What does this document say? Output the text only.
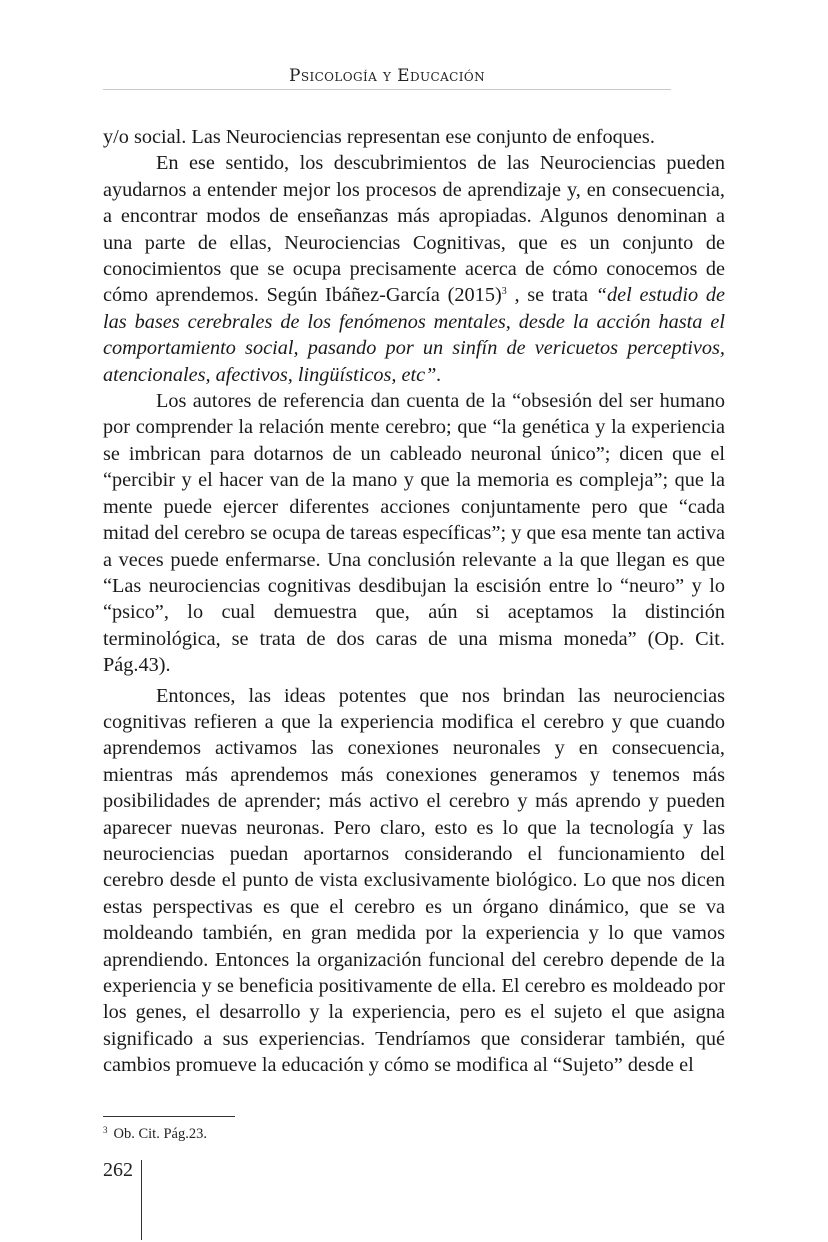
Psicología y Educación

y/o social. Las Neurociencias representan ese conjunto de enfoques.

En ese sentido, los descubrimientos de las Neurociencias pueden ayudarnos a entender mejor los procesos de aprendizaje y, en consecuencia, a encontrar modos de enseñanzas más apropiadas. Algunos denominan a una parte de ellas, Neurociencias Cognitivas, que es un conjunto de conocimientos que se ocupa precisamente acerca de cómo conocemos de cómo aprendemos. Según Ibáñez-García $(2015)^3$ , se trata “del estudio de las bases cerebrales de los fenómenos mentales, desde la acción hasta el comportamiento social, pasando por un sinfín de vericuetos perceptivos, atencionales, afectivos, lingüísticos, etc”.

Los autores de referencia dan cuenta de la “obsesión del ser humano por comprender la relación mente cerebro; que “la genética y la experiencia se imbrican para dotarnos de un cableado neuronal único”; dicen que el “percibir y el hacer van de la mano y que la memoria es compleja”; que la mente puede ejercer diferentes acciones conjuntamente pero que “cada mitad del cerebro se ocupa de tareas específicas”; y que esa mente tan activa a veces puede enfermarse. Una conclusión relevante a la que llegan es que “Las neurociencias cognitivas desdibujan la escisión entre lo “neuro” y lo “psico”, lo cual demuestra que, aún si aceptamos la distinción terminológica, se trata de dos caras de una misma moneda” (Op. Cit. Pág.43).

Entonces, las ideas potentes que nos brindan las neurociencias cognitivas refieren a que la experiencia modifica el cerebro y que cuando aprendemos activamos las conexiones neuronales y en consecuencia, mientras más aprendemos más conexiones generamos y tenemos más posibilidades de aprender; más activo el cerebro y más aprendo y pueden aparecer nuevas neuronas. Pero claro, esto es lo que la tecnología y las neurociencias puedan aportarnos considerando el funcionamiento del cerebro desde el punto de vista exclusivamente biológico. Lo que nos dicen estas perspectivas es que el cerebro es un órgano dinámico, que se va moldeando también, en gran medida por la experiencia y lo que vamos aprendiendo. Entonces la organización funcional del cerebro depende de la experiencia y se beneficia positivamente de ella. El cerebro es moldeado por los genes, el desarrollo y la experiencia, pero es el sujeto el que asigna significado a sus experiencias. Tendríamos que considerar también, qué cambios promueve la educación y cómo se modifica al “Sujeto” desde el

$^3$ Ob. Cit. Pág.23.
262
